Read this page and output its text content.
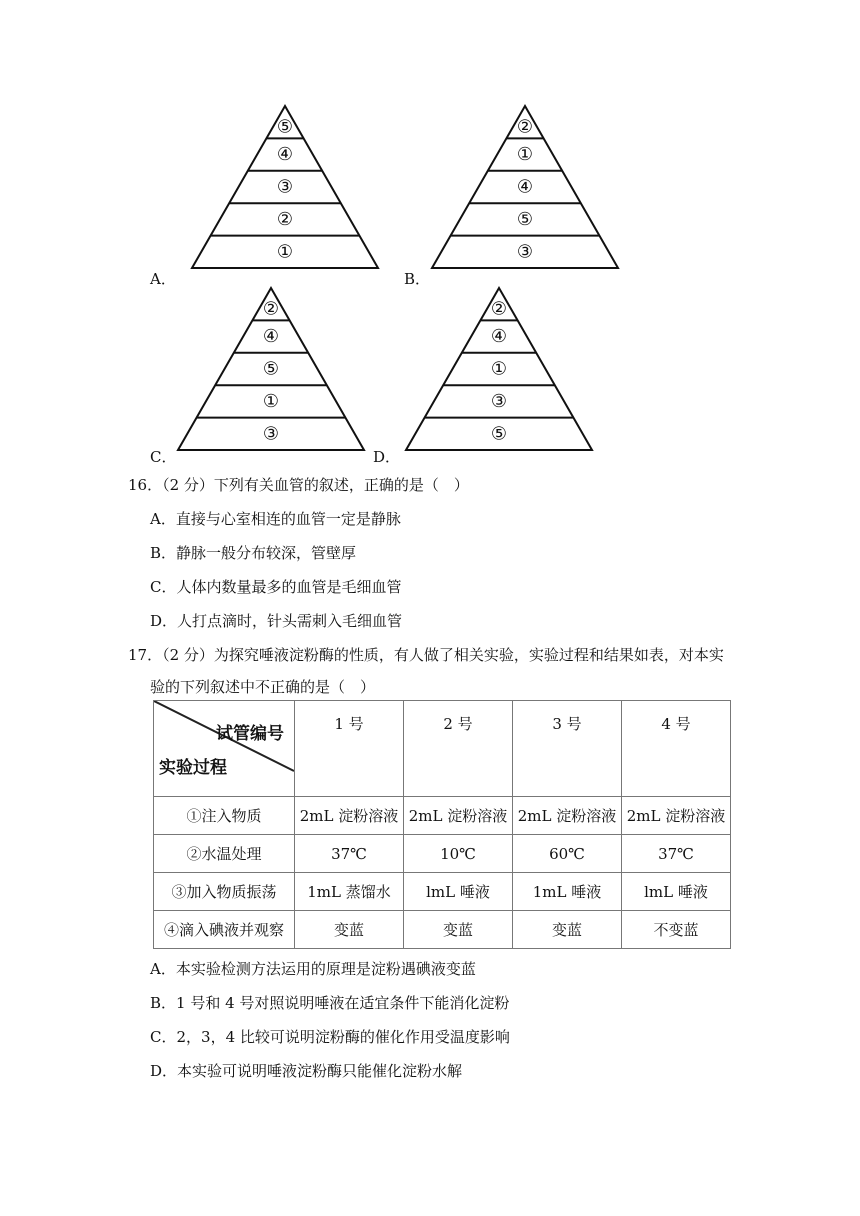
⑤
④
③
②
①
②
①
④
⑤
③
②
④
⑤
①
③
②
④
①
③
⑤
A．	B．
C．	D．
16．（2 分）下列有关血管的叙述，正确的是（　）
A．直接与心室相连的血管一定是静脉
B．静脉一般分布较深，管壁厚
C．人体内数量最多的血管是毛细血管
D．人打点滴时，针头需刺入毛细血管
17．（2 分）为探究唾液淀粉酶的性质，有人做了相关实验，实验过程和结果如表，对本实
验的下列叙述中不正确的是（　）
试管编号
实验过程	1 号	2 号	3 号	4 号
①注入物质	2mL 淀粉溶液	2mL 淀粉溶液	2mL 淀粉溶液	2mL 淀粉溶液
②水温处理	37℃	10℃	60℃	37℃
③加入物质振荡	1mL 蒸馏水	lmL 唾液	1mL 唾液	lmL 唾液
④滴入碘液并观察	变蓝	变蓝	变蓝	不变蓝
A．本实验检测方法运用的原理是淀粉遇碘液变蓝
B．1 号和 4 号对照说明唾液在适宜条件下能消化淀粉
C．2，3，4 比较可说明淀粉酶的催化作用受温度影响
D．本实验可说明唾液淀粉酶只能催化淀粉水解
